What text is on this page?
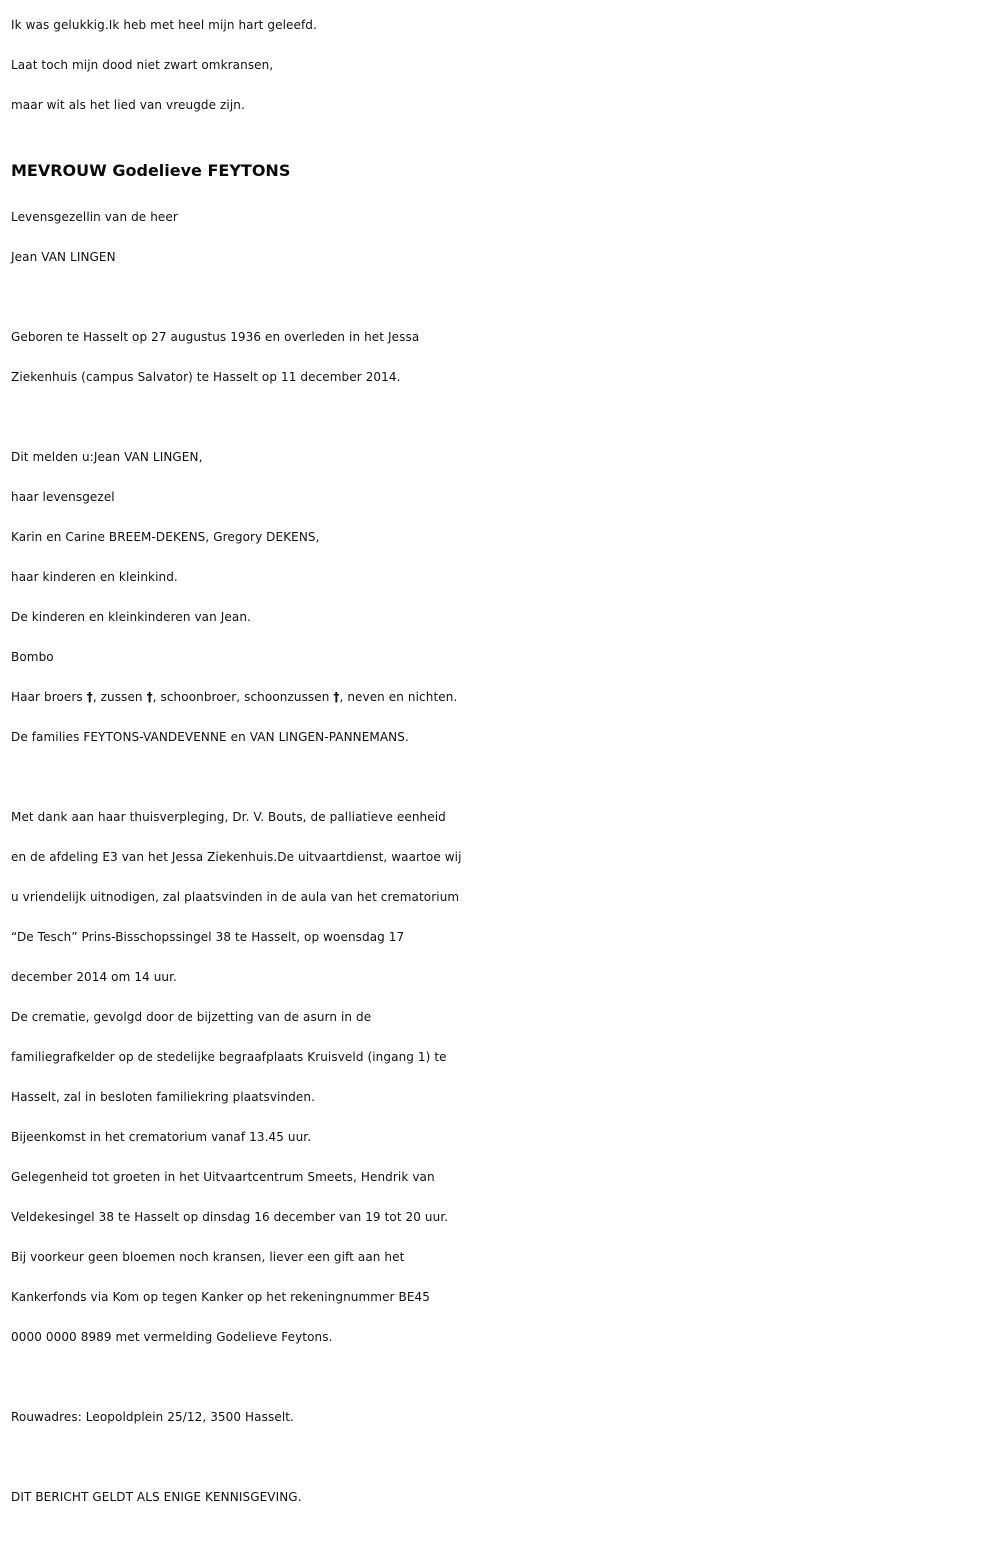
Ik was gelukkig.Ik heb met heel mijn hart geleefd.
Laat toch mijn dood niet zwart omkransen,
maar wit als het lied van vreugde zijn.
MEVROUW Godelieve FEYTONS
Levensgezellin van de heer
Jean VAN LINGEN
Geboren te Hasselt op 27 augustus 1936 en overleden in het Jessa
Ziekenhuis (campus Salvator) te Hasselt op 11 december 2014.
Dit melden u:Jean VAN LINGEN,
haar levensgezel
Karin en Carine BREEM-DEKENS, Gregory DEKENS,
haar kinderen en kleinkind.
De kinderen en kleinkinderen van Jean.
Bombo
Haar broers †, zussen †, schoonbroer, schoonzussen †, neven en nichten.
De families FEYTONS-VANDEVENNE en VAN LINGEN-PANNEMANS.
Met dank aan haar thuisverpleging, Dr. V. Bouts, de palliatieve eenheid
en de afdeling E3 van het Jessa Ziekenhuis.De uitvaartdienst, waartoe wij
u vriendelijk uitnodigen, zal plaatsvinden in de aula van het crematorium
“De Tesch” Prins-Bisschopssingel 38 te Hasselt, op woensdag 17
december 2014 om 14 uur.
De crematie, gevolgd door de bijzetting van de asurn in de
familiegrafkelder op de stedelijke begraafplaats Kruisveld (ingang 1) te
Hasselt, zal in besloten familiekring plaatsvinden.
Bijeenkomst in het crematorium vanaf 13.45 uur.
Gelegenheid tot groeten in het Uitvaartcentrum Smeets, Hendrik van
Veldekesingel 38 te Hasselt op dinsdag 16 december van 19 tot 20 uur.
Bij voorkeur geen bloemen noch kransen, liever een gift aan het
Kankerfonds via Kom op tegen Kanker op het rekeningnummer BE45
0000 0000 8989 met vermelding Godelieve Feytons.
Rouwadres: Leopoldplein 25/12, 3500 Hasselt.
DIT BERICHT GELDT ALS ENIGE KENNISGEVING.
